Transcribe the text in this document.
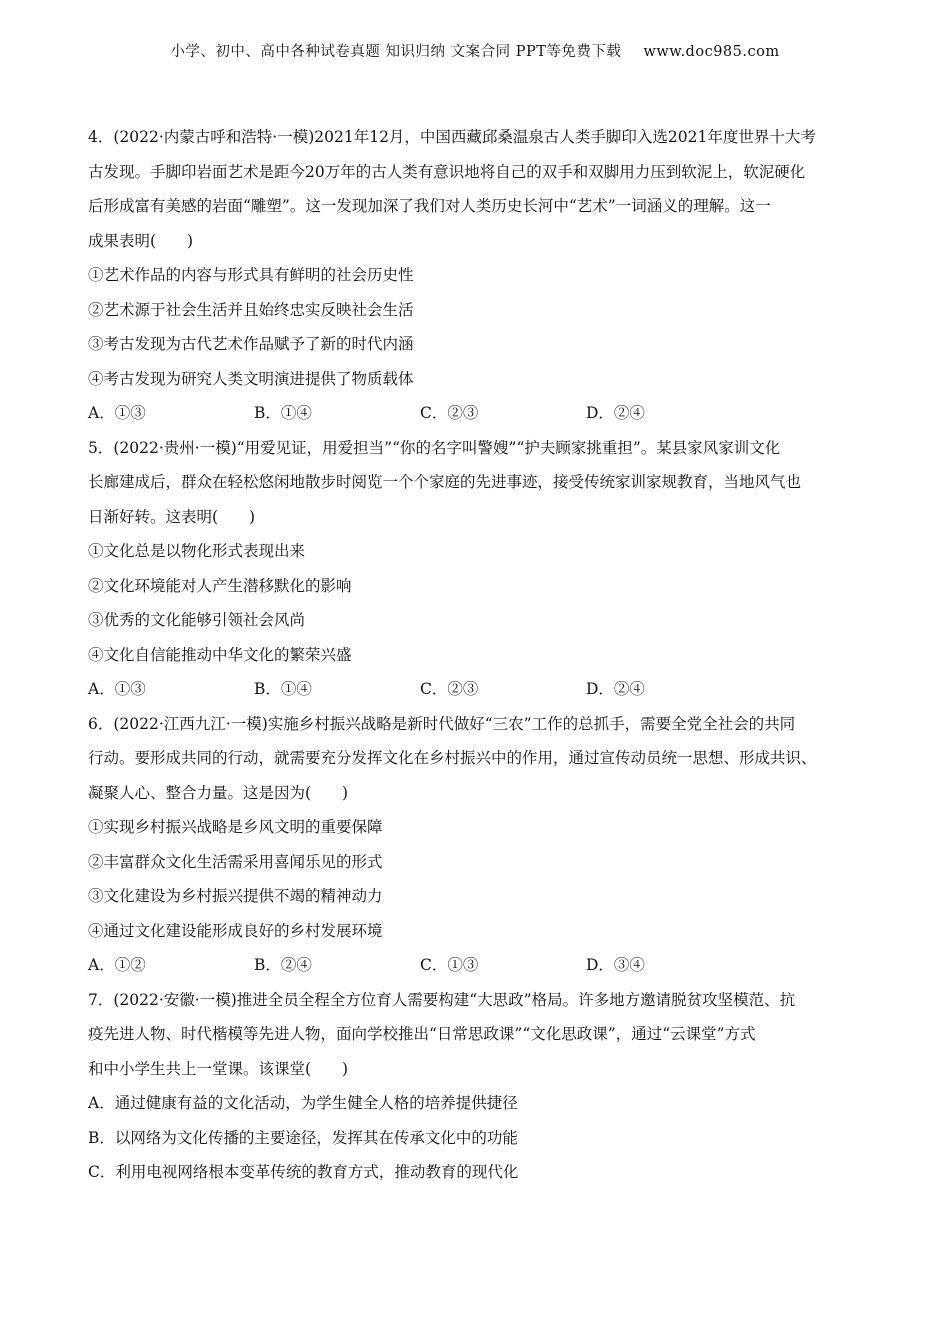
小学、初中、高中各种试卷真题 知识归纳 文案合同 PPT等免费下载 www.doc985.com
4．(2022·内蒙古呼和浩特·一模)2021年12月，中国西藏邱桑温泉古人类手脚印入选2021年度世界十大考
古发现。手脚印岩面艺术是距今20万年的古人类有意识地将自己的双手和双脚用力压到软泥上，软泥硬化
后形成富有美感的岩面“雕塑”。这一发现加深了我们对人类历史长河中“艺术”一词涵义的理解。这一
成果表明(　　)
①艺术作品的内容与形式具有鲜明的社会历史性
②艺术源于社会生活并且始终忠实反映社会生活
③考古发现为古代艺术作品赋予了新的时代内涵
④考古发现为研究人类文明演进提供了物质载体
A．①③	B．①④	C．②③	D．②④
5．(2022·贵州·一模)“用爱见证，用爱担当”“你的名字叫警嫂”“护夫顾家挑重担”。某县家风家训文化
长廊建成后，群众在轻松悠闲地散步时阅览一个个家庭的先进事迹，接受传统家训家规教育，当地风气也
日渐好转。这表明(　　)
①文化总是以物化形式表现出来
②文化环境能对人产生潜移默化的影响
③优秀的文化能够引领社会风尚
④文化自信能推动中华文化的繁荣兴盛
A．①③	B．①④	C．②③	D．②④
6．(2022·江西九江·一模)实施乡村振兴战略是新时代做好“三农”工作的总抓手，需要全党全社会的共同
行动。要形成共同的行动，就需要充分发挥文化在乡村振兴中的作用，通过宣传动员统一思想、形成共识、
凝聚人心、整合力量。这是因为(　　)
①实现乡村振兴战略是乡风文明的重要保障
②丰富群众文化生活需采用喜闻乐见的形式
③文化建设为乡村振兴提供不竭的精神动力
④通过文化建设能形成良好的乡村发展环境
A．①②	B．②④	C．①③	D．③④
7．(2022·安徽·一模)推进全员全程全方位育人需要构建“大思政”格局。许多地方邀请脱贫攻坚模范、抗
疫先进人物、时代楷模等先进人物，面向学校推出“日常思政课”“文化思政课”，通过“云课堂”方式
和中小学生共上一堂课。该课堂(　　)
A．通过健康有益的文化活动，为学生健全人格的培养提供捷径
B．以网络为文化传播的主要途径，发挥其在传承文化中的功能
C．利用电视网络根本变革传统的教育方式，推动教育的现代化
